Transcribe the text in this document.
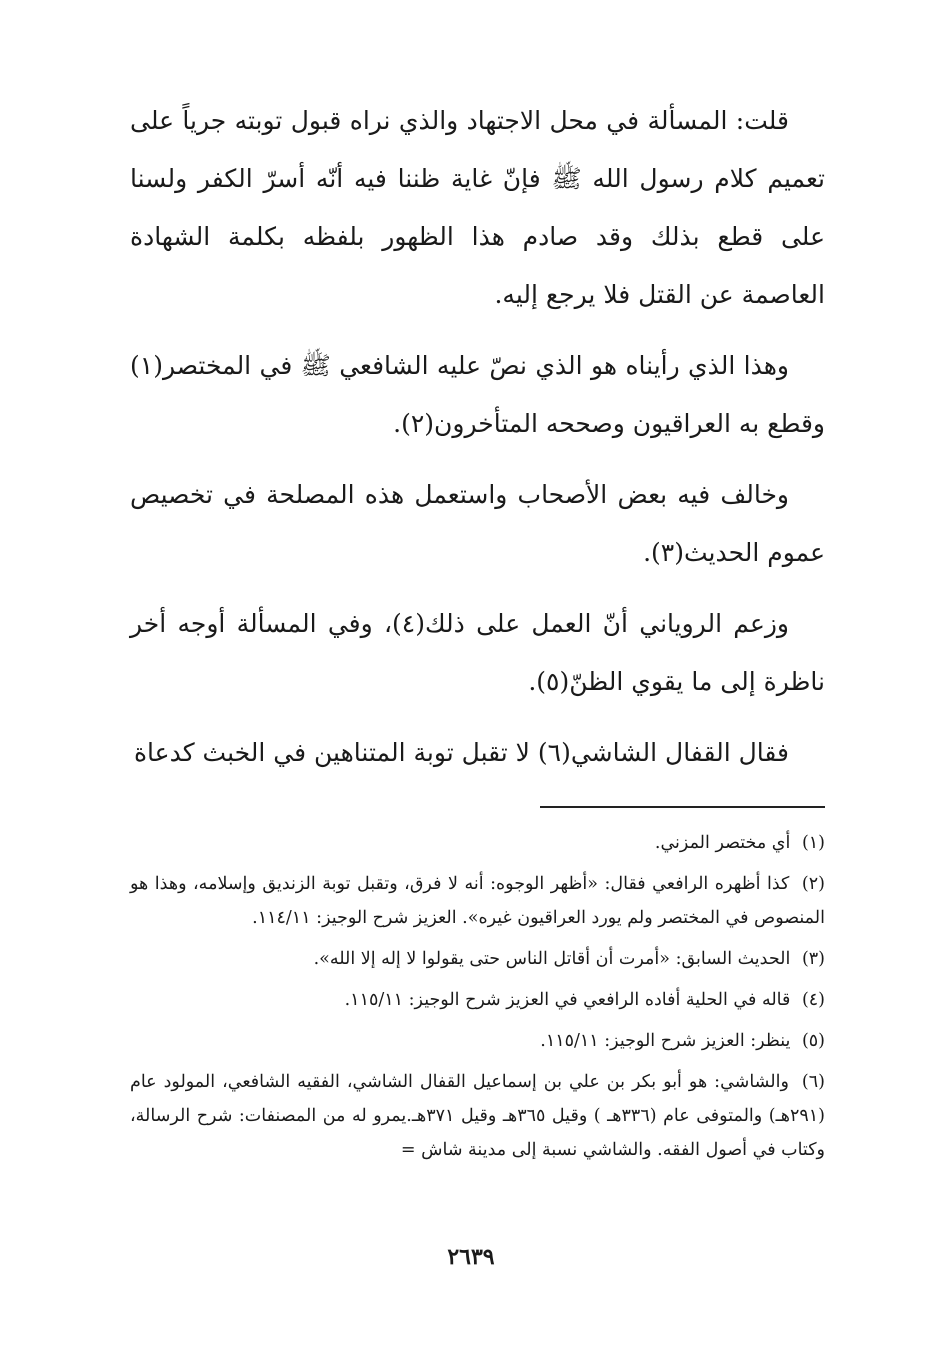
قلت: المسألة في محل الاجتهاد والذي نراه قبول توبته جرياً على تعميم كلام رسول الله ﷺ فإنّ غاية ظننا فيه أنّه أسرّ الكفر ولسنا على قطع بذلك وقد صادم هذا الظهور بلفظه بكلمة الشهادة العاصمة عن القتل فلا يرجع إليه.

وهذا الذي رأيناه هو الذي نصّ عليه الشافعي ﷺ في المختصر(١) وقطع به العراقيون وصححه المتأخرون(٢).

وخالف فيه بعض الأصحاب واستعمل هذه المصلحة في تخصيص عموم الحديث(٣).

وزعم الروياني أنّ العمل على ذلك(٤)، وفي المسألة أوجه أخر ناظرة إلى ما يقوي الظنّ(٥).

فقال القفال الشاشي(٦) لا تقبل توبة المتناهين في الخبث كدعاة

(١) أي مختصر المزني.

(٢) كذا أظهره الرافعي فقال: «أظهر الوجوه: أنه لا فرق، وتقبل توبة الزنديق وإسلامه، وهذا هو المنصوص في المختصر ولم يورد العراقيون غيره». العزيز شرح الوجيز: ١١٤/١١.

(٣) الحديث السابق: «أمرت أن أقاتل الناس حتى يقولوا لا إله إلا الله».

(٤) قاله في الحلية أفاده الرافعي في العزيز شرح الوجيز: ١١٥/١١.

(٥) ينظر: العزيز شرح الوجيز: ١١٥/١١.

(٦) والشاشي: هو أبو بكر بن علي بن إسماعيل القفال الشاشي، الفقيه الشافعي، المولود عام (٢٩١هـ) والمتوفى عام (٣٣٦هـ ) وقيل ٣٦٥هـ وقيل ٣٧١هـ.يمرو له من المصنفات: شرح الرسالة، وكتاب في أصول الفقه. والشاشي نسبة إلى مدينة شاش =

٢٦٣٩
